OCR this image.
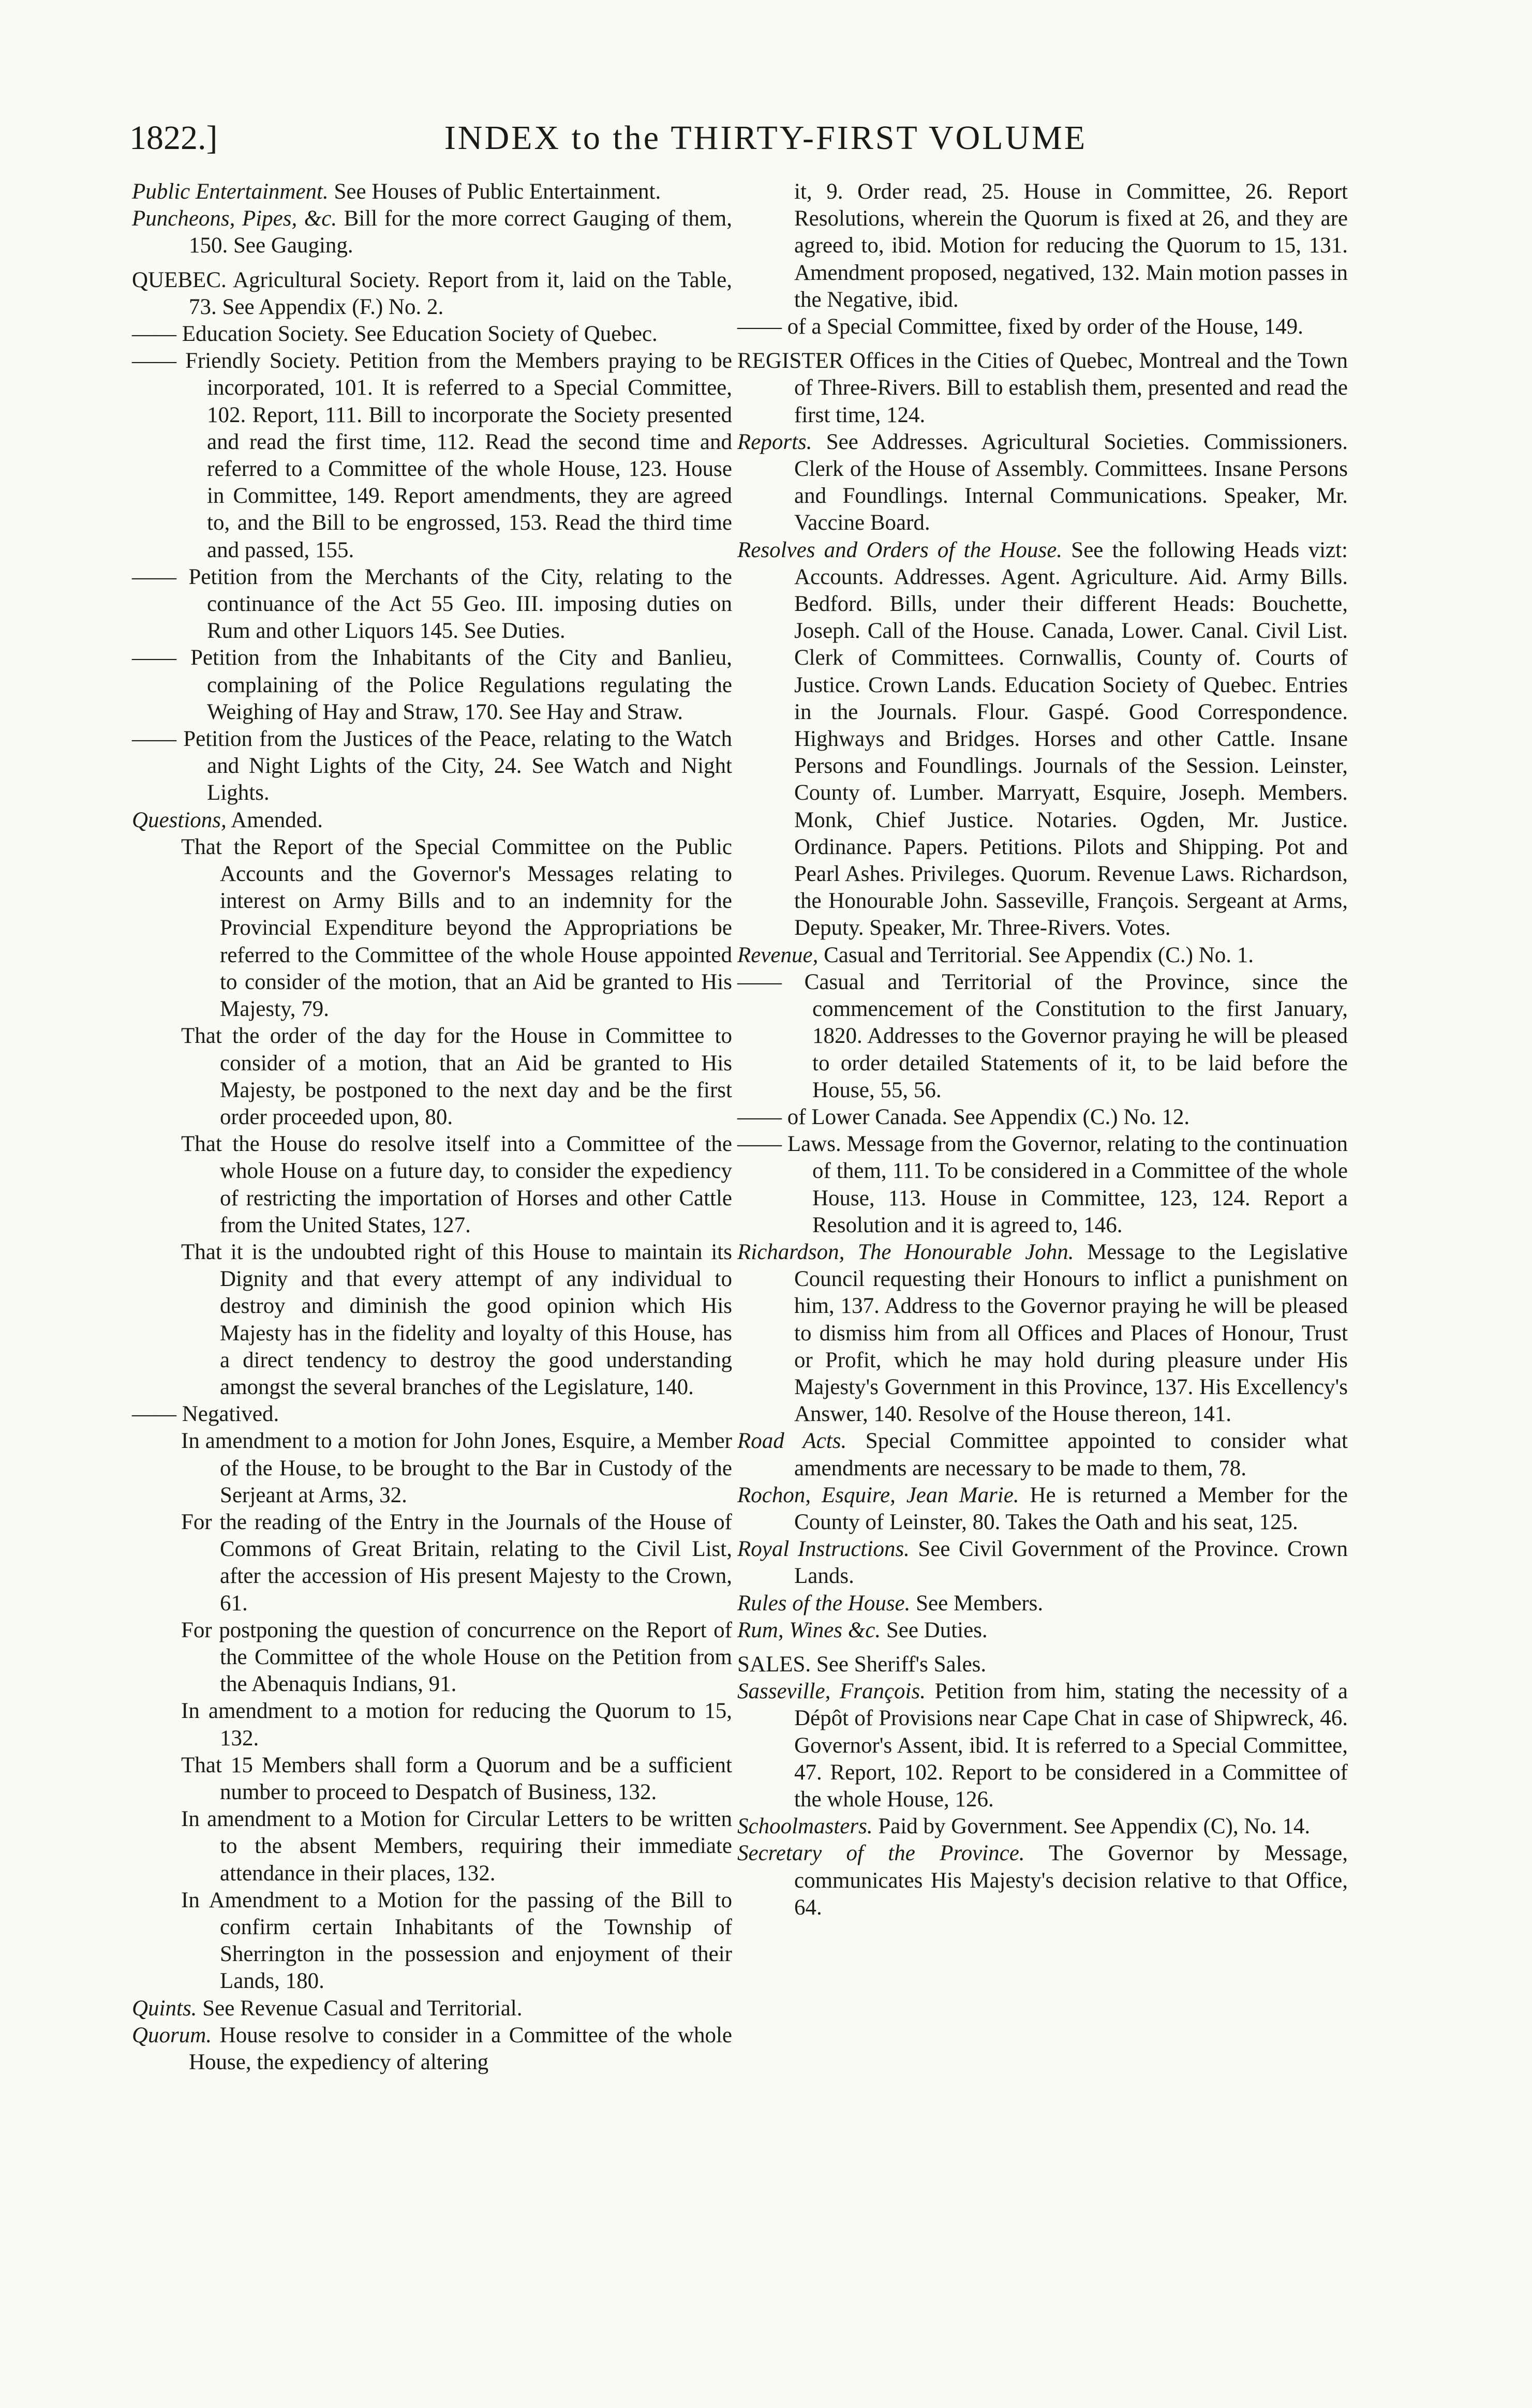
1822.]	INDEX to the THIRTY-FIRST VOLUME

Public Entertainment. See Houses of Public Entertainment.

Puncheons, Pipes, &c. Bill for the more correct Gauging of them, 150. See Gauging.

QUEBEC. Agricultural Society. Report from it, laid on the Table, 73. See Appendix (F.) No. 2.

—— Education Society. See Education Society of Quebec.

—— Friendly Society. Petition from the Members praying to be incorporated, 101. It is referred to a Special Committee, 102. Report, 111. Bill to incorporate the Society presented and read the first time, 112. Read the second time and referred to a Committee of the whole House, 123. House in Committee, 149. Report amendments, they are agreed to, and the Bill to be engrossed, 153. Read the third time and passed, 155.

—— Petition from the Merchants of the City, relating to the continuance of the Act 55 Geo. III. imposing duties on Rum and other Liquors 145. See Duties.

—— Petition from the Inhabitants of the City and Banlieu, complaining of the Police Regulations regulating the Weighing of Hay and Straw, 170. See Hay and Straw.

—— Petition from the Justices of the Peace, relating to the Watch and Night Lights of the City, 24. See Watch and Night Lights.

Questions, Amended.

That the Report of the Special Committee on the Public Accounts and the Governor's Messages relating to interest on Army Bills and to an indemnity for the Provincial Expenditure beyond the Appropriations be referred to the Committee of the whole House appointed to consider of the motion, that an Aid be granted to His Majesty, 79.

That the order of the day for the House in Committee to consider of a motion, that an Aid be granted to His Majesty, be postponed to the next day and be the first order proceeded upon, 80.

That the House do resolve itself into a Committee of the whole House on a future day, to consider the expediency of restricting the importation of Horses and other Cattle from the United States, 127.

That it is the undoubted right of this House to maintain its Dignity and that every attempt of any individual to destroy and diminish the good opinion which His Majesty has in the fidelity and loyalty of this House, has a direct tendency to destroy the good understanding amongst the several branches of the Legislature, 140.

—— Negatived.

In amendment to a motion for John Jones, Esquire, a Member of the House, to be brought to the Bar in Custody of the Serjeant at Arms, 32.

For the reading of the Entry in the Journals of the House of Commons of Great Britain, relating to the Civil List, after the accession of His present Majesty to the Crown, 61.

For postponing the question of concurrence on the Report of the Committee of the whole House on the Petition from the Abenaquis Indians, 91.

In amendment to a motion for reducing the Quorum to 15, 132.

That 15 Members shall form a Quorum and be a sufficient number to proceed to Despatch of Business, 132.

In amendment to a Motion for Circular Letters to be written to the absent Members, requiring their immediate attendance in their places, 132.

In Amendment to a Motion for the passing of the Bill to confirm certain Inhabitants of the Township of Sherrington in the possession and enjoyment of their Lands, 180.

Quints. See Revenue Casual and Territorial.

Quorum. House resolve to consider in a Committee of the whole House, the expediency of altering

it, 9. Order read, 25. House in Committee, 26. Report Resolutions, wherein the Quorum is fixed at 26, and they are agreed to, ibid. Motion for reducing the Quorum to 15, 131. Amendment proposed, negatived, 132. Main motion passes in the Negative, ibid.

—— of a Special Committee, fixed by order of the House, 149.

REGISTER Offices in the Cities of Quebec, Montreal and the Town of Three-Rivers. Bill to establish them, presented and read the first time, 124.

Reports. See Addresses. Agricultural Societies. Commissioners. Clerk of the House of Assembly. Committees. Insane Persons and Foundlings. Internal Communications. Speaker, Mr. Vaccine Board.

Resolves and Orders of the House. See the following Heads vizt: Accounts. Addresses. Agent. Agriculture. Aid. Army Bills. Bedford. Bills, under their different Heads: Bouchette, Joseph. Call of the House. Canada, Lower. Canal. Civil List. Clerk of Committees. Cornwallis, County of. Courts of Justice. Crown Lands. Education Society of Quebec. Entries in the Journals. Flour. Gaspé. Good Correspondence. Highways and Bridges. Horses and other Cattle. Insane Persons and Foundlings. Journals of the Session. Leinster, County of. Lumber. Marryatt, Esquire, Joseph. Members. Monk, Chief Justice. Notaries. Ogden, Mr. Justice. Ordinance. Papers. Petitions. Pilots and Shipping. Pot and Pearl Ashes. Privileges. Quorum. Revenue Laws. Richardson, the Honourable John. Sasseville, François. Sergeant at Arms, Deputy. Speaker, Mr. Three-Rivers. Votes.

Revenue, Casual and Territorial. See Appendix (C.) No. 1.

—— Casual and Territorial of the Province, since the commencement of the Constitution to the first January, 1820. Addresses to the Governor praying he will be pleased to order detailed Statements of it, to be laid before the House, 55, 56.

—— of Lower Canada. See Appendix (C.) No. 12.

—— Laws. Message from the Governor, relating to the continuation of them, 111. To be considered in a Committee of the whole House, 113. House in Committee, 123, 124. Report a Resolution and it is agreed to, 146.

Richardson, The Honourable John. Message to the Legislative Council requesting their Honours to inflict a punishment on him, 137. Address to the Governor praying he will be pleased to dismiss him from all Offices and Places of Honour, Trust or Profit, which he may hold during pleasure under His Majesty's Government in this Province, 137. His Excellency's Answer, 140. Resolve of the House thereon, 141.

Road Acts. Special Committee appointed to consider what amendments are necessary to be made to them, 78.

Rochon, Esquire, Jean Marie. He is returned a Member for the County of Leinster, 80. Takes the Oath and his seat, 125.

Royal Instructions. See Civil Government of the Province. Crown Lands.

Rules of the House. See Members.

Rum, Wines &c. See Duties.

SALES. See Sheriff's Sales.

Sasseville, François. Petition from him, stating the necessity of a Dépôt of Provisions near Cape Chat in case of Shipwreck, 46. Governor's Assent, ibid. It is referred to a Special Committee, 47. Report, 102. Report to be considered in a Committee of the whole House, 126.

Schoolmasters. Paid by Government. See Appendix (C), No. 14.

Secretary of the Province. The Governor by Message, communicates His Majesty's decision relative to that Office, 64.
